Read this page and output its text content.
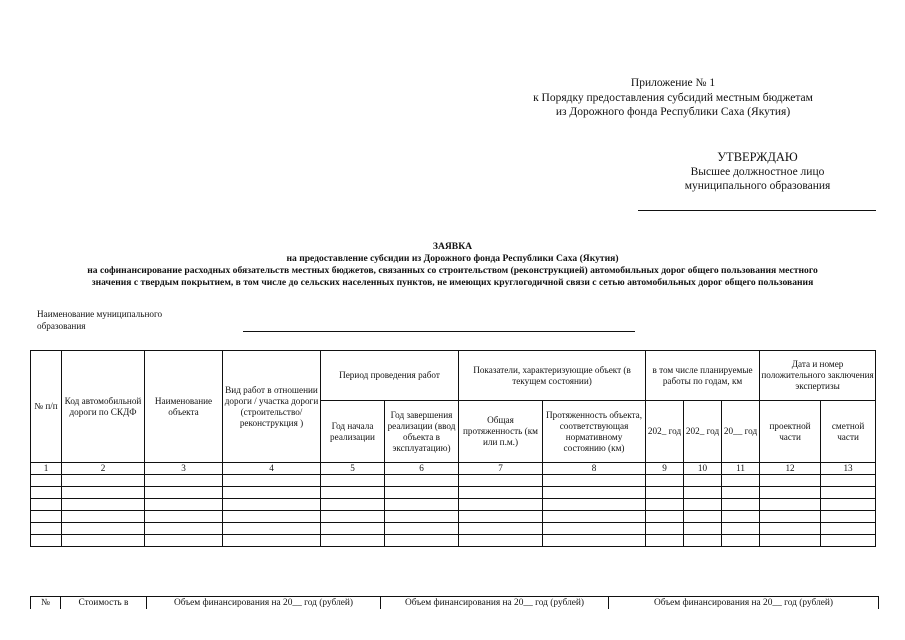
Приложение № 1
к Порядку предоставления субсидий местным бюджетам
из Дорожного фонда Республики Саха (Якутия)
УТВЕРЖДАЮ
Высшее должностное лицо
муниципального образования
ЗАЯВКА
на предоставление субсидии из Дорожного фонда Республики Саха (Якутия)
на софинансирование расходных обязательств местных бюджетов, связанных со строительством (реконструкцией) автомобильных дорог общего пользования местного
значения с твердым покрытием, в том числе до сельских населенных пунктов, не имеющих круглогодичной связи с сетью автомобильных дорог общего пользования
Наименование муниципального
образования
№ п/п	Код автомобильной дороги по СКДФ	Наименование объекта	Вид работ в отношении дороги / участка дороги (строительство/ реконструкция )	Период проведения работ		Показатели, характеризующие объект (в текущем состоянии)		в том числе планируемые работы по годам, км			Дата и номер положительного заключения экспертизы	
				Год начала реализации	Год завершения реализации (ввод объекта в эксплуатацию)	Общая протяженность (км или п.м.)	Протяженность объекта, соответствующая нормативному состоянию (км)	202_ год	202_ год	20__ год	проектной части	сметной части
1	2	3	4	5	6	7	8	9	10	11	12	13

№	Стоимость в	Объем финансирования на 20__ год (рублей)	Объем финансирования на 20__ год (рублей)	Объем финансирования на 20__ год (рублей)
